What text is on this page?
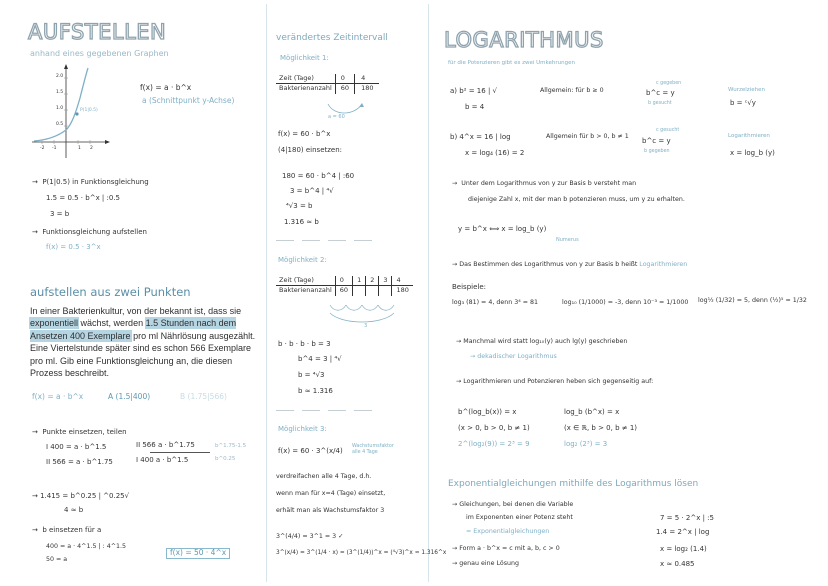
AUFSTELLEN
anhand eines gegebenen Graphen
2.0
1.5
1.0
0.5
-2 -1	1 2
P(1|0.5)
f(x) = a · b^x
a (Schnittpunkt y-Achse)
→  P(1|0.5) in Funktionsgleichung
1.5 = 0.5 · b^x | :0.5
3 = b
→  Funktionsgleichung aufstellen
f(x) = 0.5 · 3^x
aufstellen aus zwei Punkten
In einer Bakterienkultur, von der bekannt ist, dass sie exponentiell wächst, werden 1.5 Stunden nach dem Ansetzen 400 Exemplare pro ml Nährlösung ausgezählt. Eine Viertelstunde später sind es schon 566 Exemplare pro ml. Gib eine Funktionsgleichung an, die diesen Prozess beschreibt.
f(x) = a · b^x	A (1.5|400)	B (1.75|566)
→  Punkte einsetzen, teilen
I 400 = a · b^1.5
II 566 = a · b^1.75
II 566 a · b^1.75
I 400 a · b^1.5
b^1.75-1.5
b^0.25
→ 1.415 = b^0.25 | ^0.25√
4 ≈ b
→  b einsetzen für a
400 = a · 4^1.5 | : 4^1.5
50 = a
f(x) = 50 · 4^x
verändertes Zeitintervall
Möglichkeit 1:
Zeit (Tage)	0	4
Bakterienanzahl	60	180
a = 60
f(x) = 60 · b^x
(4|180) einsetzen:
180 = 60 · b^4 | :60
3 = b^4 | ⁴√
⁴√3 = b
1.316 ≈ b
Möglichkeit 2:
Zeit (Tage)	0	1	2	3	4
Bakterienanzahl	60				180
3
b · b · b · b = 3
b^4 = 3 | ⁴√
b = ⁴√3
b ≈ 1.316
Möglichkeit 3:
f(x) = 60 · 3^(x/4)
Wachstumsfaktor alle 4 Tage
verdreifachen alle 4 Tage, d.h.
wenn man für x=4 (Tage) einsetzt,
erhält man als Wachstumsfaktor 3
3^(4/4) = 3^1 = 3 ✓
3^(x/4) = 3^(1/4 · x) = (3^(1/4))^x = (⁴√3)^x ≈ 1.316^x
LOGARITHMUS
für die Potenzieren gibt es zwei Umkehrungen
a) b² = 16 | √
b = 4
Allgemein: für b ≥ 0	b^c = y
c gegeben
b gesucht
Wurzelziehen
b = ᶜ√y
b) 4^x = 16 | log
x = log₄ (16) = 2
Allgemein für b > 0, b ≠ 1
b^c = y
c gesucht
b gegeben
Logarithmieren
x = log_b (y)
→  Unter dem Logarithmus von y zur Basis b versteht man
diejenige Zahl x, mit der man b potenzieren muss, um y zu erhalten.
y = b^x ⟺ x = log_b (y)
Numerus
→ Das Bestimmen des Logarithmus von y zur Basis b heißt Logarithmieren
Beispiele:
log₃ (81) = 4, denn 3⁴ = 81	log₁₀ (1/1000) = -3, denn 10⁻³ = 1/1000 log½ (1/32) = 5, denn (½)⁵ = 1/32
→ Manchmal wird statt log₁₀(y) auch lg(y) geschrieben
→ dekadischer Logarithmus
→ Logarithmieren und Potenzieren heben sich gegenseitig auf:
b^(log_b(x)) = x
(x > 0, b > 0, b ≠ 1)
2^(log₂(9)) = 2³ = 9
log_b (b^x) = x
(x ∈ ℝ, b > 0, b ≠ 1)
log₂ (2³) = 3
Exponentialgleichungen mithilfe des Logarithmus lösen
→ Gleichungen, bei denen die Variable
im Exponenten einer Potenz steht
= Exponentialgleichungen
→ Form a · b^x = c mit a, b, c > 0
→ genau eine Lösung
7 = 5 · 2^x | :5
1.4 = 2^x | log
x = log₂ (1.4)
x ≈ 0.485
